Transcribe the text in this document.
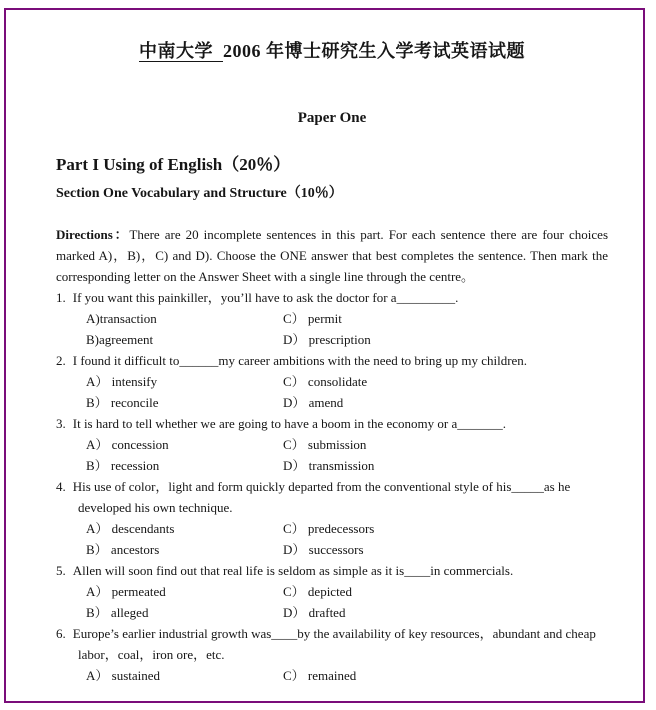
中南大学 2006 年博士研究生入学考试英语试题
Paper One
Part I Using of English（20％）
Section One Vocabulary and Structure（10％）
Directions：There are 20 incomplete sentences in this part. For each sentence there are four choices marked A)，B)，C) and D). Choose the ONE answer that best completes the sentence. Then mark the corresponding letter on the Answer Sheet with a single line through the centre。
1. If you want this painkiller，you’ll have to ask the doctor for a_________.
A)transaction	C） permit
B)agreement	D） prescription
2. I found it difficult to______my career ambitions with the need to bring up my children.
A） intensify	C） consolidate
B） reconcile	D） amend
3. It is hard to tell whether we are going to have a boom in the economy or a_______.
A） concession	C） submission
B） recession	D） transmission
4. His use of color，light and form quickly departed from the conventional style of his_____as he developed his own technique.
A） descendants	C） predecessors
B） ancestors	D） successors
5. Allen will soon find out that real life is seldom as simple as it is____in commercials.
A） permeated	C） depicted
B） alleged	D） drafted
6. Europe’s earlier industrial growth was____by the availability of key resources，abundant and cheap labor，coal，iron ore，etc.
A） sustained	C） remained
